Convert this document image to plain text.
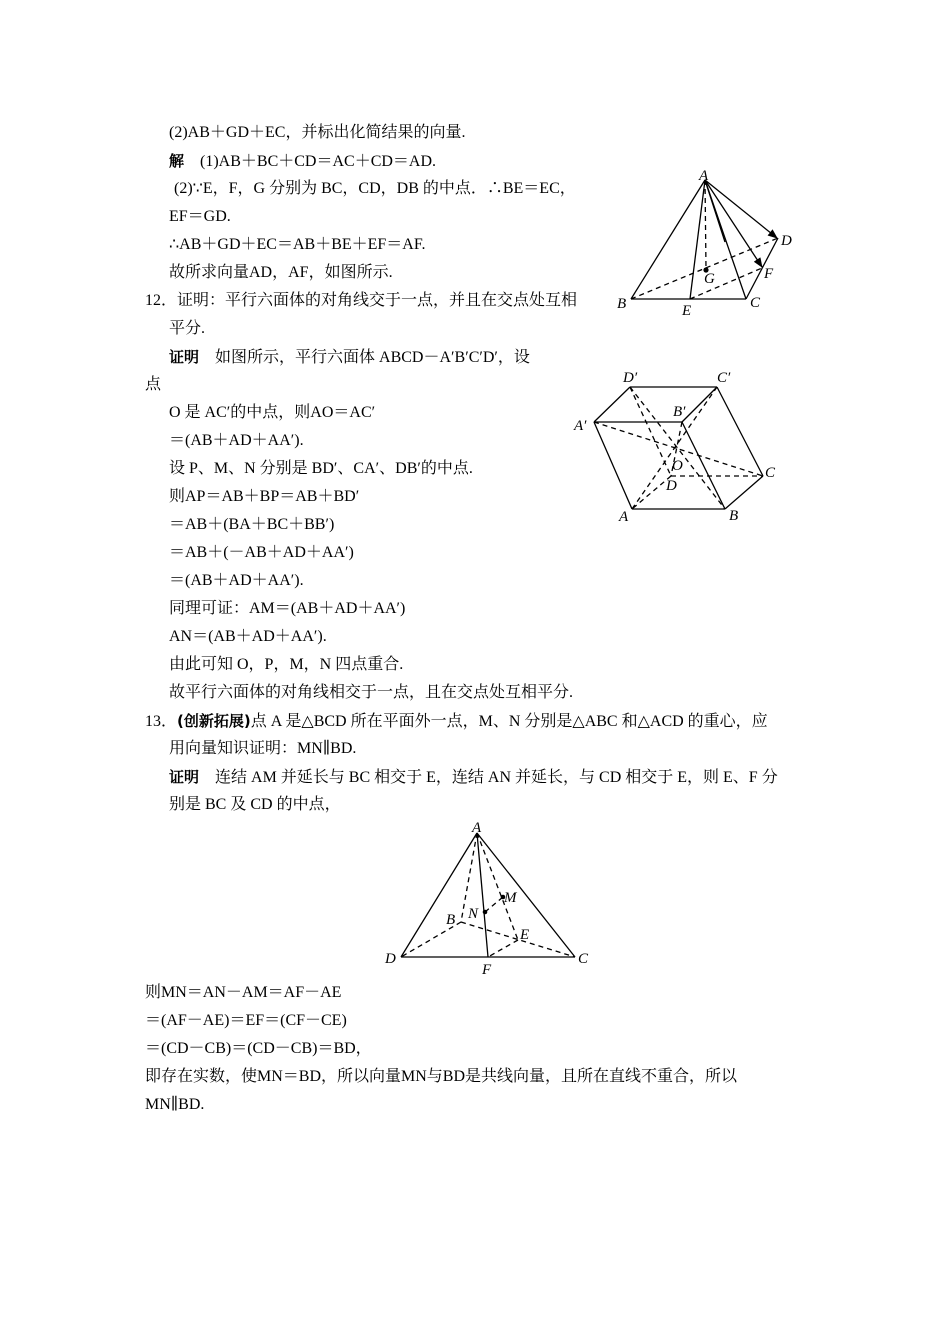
(2)AB＋GD＋EC，并标出化简结果的向量.
解 (1)AB＋BC＋CD＝AC＋CD＝AD.
(2)∵E，F，G 分别为 BC，CD，DB 的中点．∴BE＝EC，
EF＝GD.
∴AB＋GD＋EC＝AB＋BE＋EF＝AF.
故所求向量AD，AF，如图所示.
A
B	C
D
E
F
G
12．证明：平行六面体的对角线交于一点，并且在交点处互相
平分.
证明 如图所示，平行六面体 ABCD－A′B′C′D′，设
点
O 是 AC′的中点，则AO＝AC′
＝(AB＋AD＋AA′).
设 P、M、N 分别是 BD′、CA′、DB′的中点.
则AP＝AB＋BP＝AB＋BD′
＝AB＋(BA＋BC＋BB′)
＝AB＋(－AB＋AD＋AA′)
＝(AB＋AD＋AA′).
同理可证：AM＝(AB＋AD＋AA′)
AN＝(AB＋AD＋AA′).
由此可知 O，P，M，N 四点重合.
故平行六面体的对角线相交于一点，且在交点处互相平分.
A′
D′	C′
B′
O
D
C
A	B
13．(创新拓展)点 A 是△BCD 所在平面外一点，M、N 分别是△ABC 和△ACD 的重心，应
用向量知识证明：MN∥BD.
证明 连结 AM 并延长与 BC 相交于 E，连结 AN 并延长，与 CD 相交于 E，则 E、F 分
别是 BC 及 CD 的中点，
A
B
C
D
E
F
M
N
则MN＝AN－AM＝AF－AE
＝(AF－AE)＝EF＝(CF－CE)
＝(CD－CB)＝(CD－CB)＝BD，
即存在实数，使MN＝BD，所以向量MN与BD是共线向量，且所在直线不重合，所以
MN∥BD.
